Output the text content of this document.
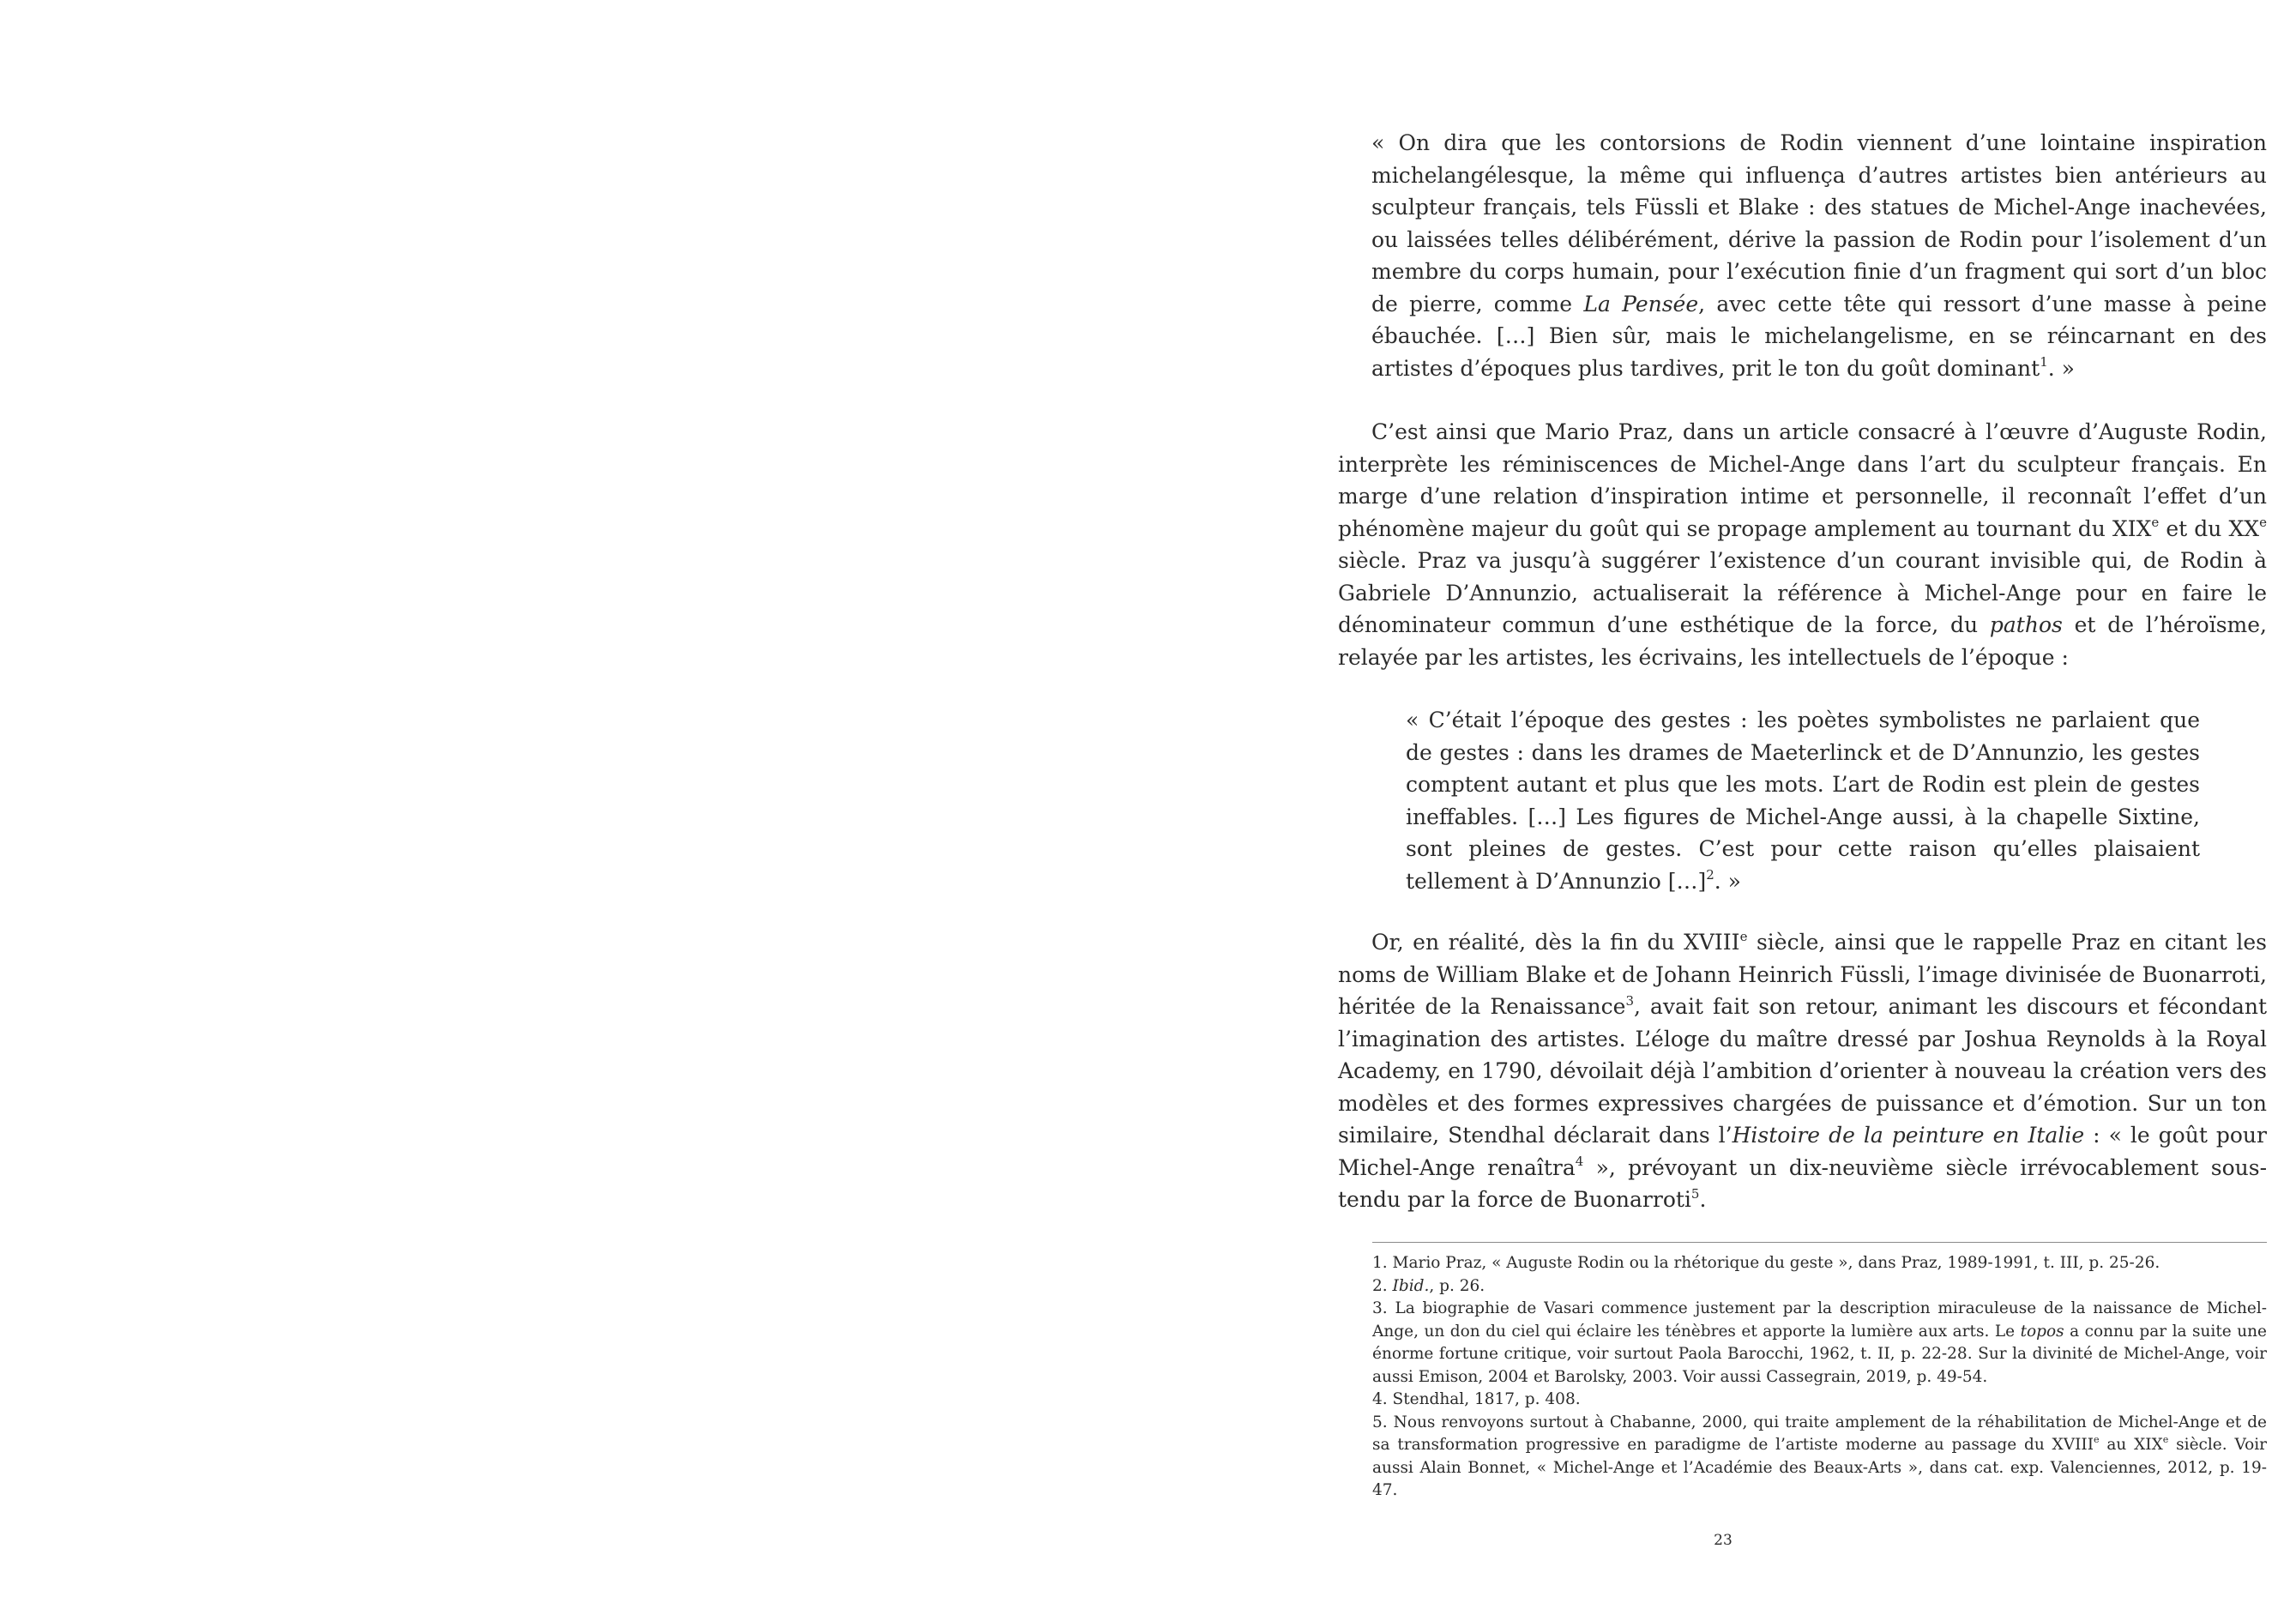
« On dira que les contorsions de Rodin viennent d’une lointaine inspiration michelangélesque, la même qui influença d’autres artistes bien antérieurs au sculpteur français, tels Füssli et Blake : des statues de Michel-Ange inachevées, ou laissées telles délibérément, dérive la passion de Rodin pour l’isolement d’un membre du corps humain, pour l’exécution finie d’un fragment qui sort d’un bloc de pierre, comme La Pensée, avec cette tête qui ressort d’une masse à peine ébauchée. […] Bien sûr, mais le michelangelisme, en se réincarnant en des artistes d’époques plus tardives, prit le ton du goût dominant$^1$. »

C’est ainsi que Mario Praz, dans un article consacré à l’œuvre d’Auguste Rodin, interprète les réminiscences de Michel-Ange dans l’art du sculpteur français. En marge d’une relation d’inspiration intime et personnelle, il reconnaît l’effet d’un phénomène majeur du goût qui se propage amplement au tournant du XIXe et du XXe siècle. Praz va jusqu’à suggérer l’existence d’un courant invisible qui, de Rodin à Gabriele D’Annunzio, actualiserait la référence à Michel-Ange pour en faire le dénominateur commun d’une esthétique de la force, du pathos et de l’héroïsme, relayée par les artistes, les écrivains, les intellectuels de l’époque :

« C’était l’époque des gestes : les poètes symbolistes ne parlaient que de gestes : dans les drames de Maeterlinck et de D’Annunzio, les gestes comptent autant et plus que les mots. L’art de Rodin est plein de gestes ineffables. […] Les figures de Michel-Ange aussi, à la chapelle Sixtine, sont pleines de gestes. C’est pour cette raison qu’elles plaisaient tellement à D’Annunzio […]$^2$. »

Or, en réalité, dès la fin du XVIIIe siècle, ainsi que le rappelle Praz en citant les noms de William Blake et de Johann Heinrich Füssli, l’image divinisée de Buonarroti, héritée de la Renaissance$^3$, avait fait son retour, animant les discours et fécondant l’imagination des artistes. L’éloge du maître dressé par Joshua Reynolds à la Royal Academy, en 1790, dévoilait déjà l’ambition d’orienter à nouveau la création vers des modèles et des formes expressives chargées de puissance et d’émotion. Sur un ton similaire, Stendhal déclarait dans l’Histoire de la peinture en Italie : « le goût pour Michel-Ange renaîtra$^4$ », prévoyant un dix-neuvième siècle irrévocablement sous-tendu par la force de Buonarroti$^5$.

1. Mario Praz, « Auguste Rodin ou la rhétorique du geste », dans Praz, 1989-1991, t. III, p. 25-26.

2. Ibid., p. 26.

3. La biographie de Vasari commence justement par la description miraculeuse de la naissance de Michel-Ange, un don du ciel qui éclaire les ténèbres et apporte la lumière aux arts. Le topos a connu par la suite une énorme fortune critique, voir surtout Paola Barocchi, 1962, t. II, p. 22-28. Sur la divinité de Michel-Ange, voir aussi Emison, 2004 et Barolsky, 2003. Voir aussi Cassegrain, 2019, p. 49-54.

4. Stendhal, 1817, p. 408.

5. Nous renvoyons surtout à Chabanne, 2000, qui traite amplement de la réhabilitation de Michel-Ange et de sa transformation progressive en paradigme de l’artiste moderne au passage du XVIIIe au XIXe siècle. Voir aussi Alain Bonnet, « Michel-Ange et l’Académie des Beaux-Arts », dans cat. exp. Valenciennes, 2012, p. 19-47.

23
